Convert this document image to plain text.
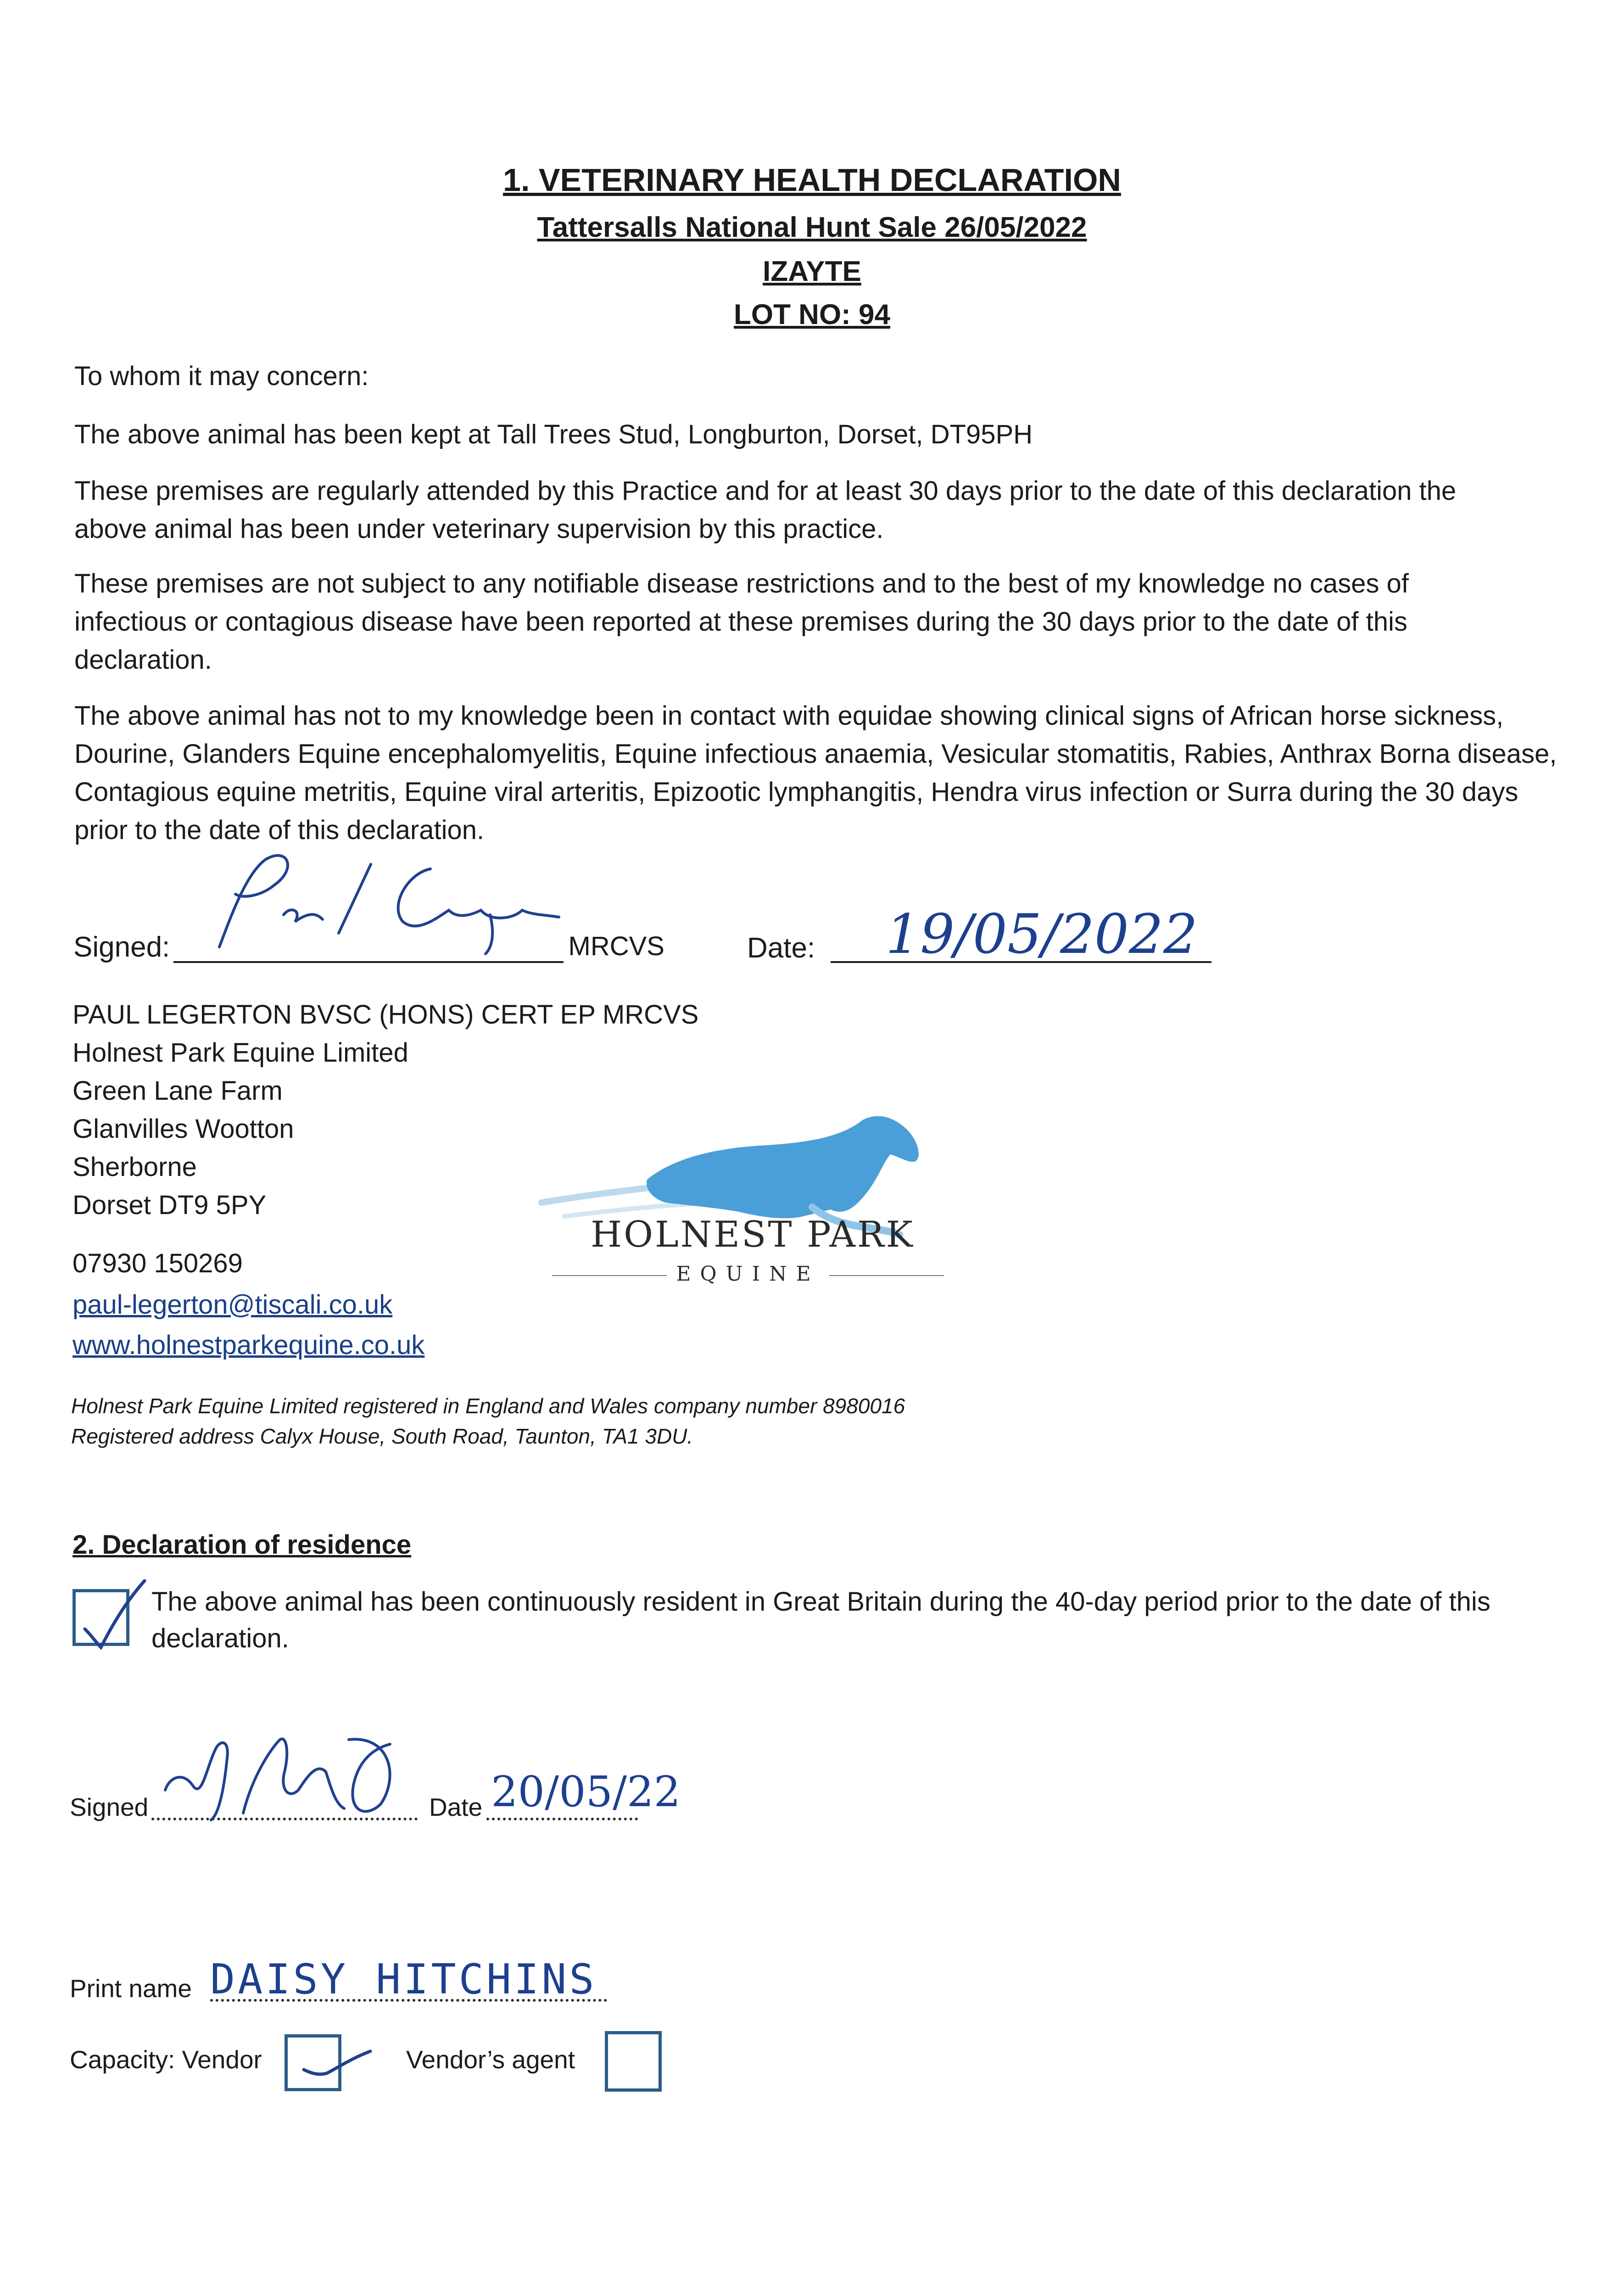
1. VETERINARY HEALTH DECLARATION
Tattersalls National Hunt Sale 26/05/2022
IZAYTE
LOT NO: 94
To whom it may concern:
The above animal has been kept at Tall Trees Stud, Longburton, Dorset, DT95PH
These premises are regularly attended by this Practice and for at least 30 days prior to the date of this declaration the above animal has been under veterinary supervision by this practice.
These premises are not subject to any notifiable disease restrictions and to the best of my knowledge no cases of infectious or contagious disease have been reported at these premises during the 30 days prior to the date of this declaration.
The above animal has not to my knowledge been in contact with equidae showing clinical signs of African horse sickness, Dourine, Glanders Equine encephalomyelitis, Equine infectious anaemia, Vesicular stomatitis, Rabies, Anthrax Borna disease, Contagious equine metritis, Equine viral arteritis, Epizootic lymphangitis, Hendra virus infection or Surra during the 30 days prior to the date of this declaration.
Signed:	MRCVS	Date: 19/05/2022
PAUL LEGERTON BVSC (HONS) CERT EP MRCVS
Holnest Park Equine Limited
Green Lane Farm
Glanvilles Wootton
Sherborne
Dorset DT9 5PY
07930 150269
paul-legerton@tiscali.co.uk
www.holnestparkequine.co.uk
HOLNEST PARK
EQUINE
Holnest Park Equine Limited registered in England and Wales company number 8980016
Registered address Calyx House, South Road, Taunton, TA1 3DU.
2. Declaration of residence
The above animal has been continuously resident in Great Britain during the 40-day period prior to the date of this declaration.
Signed	Date 20/05/22
Print name DAISY HITCHINS
Capacity: Vendor	Vendor’s agent
